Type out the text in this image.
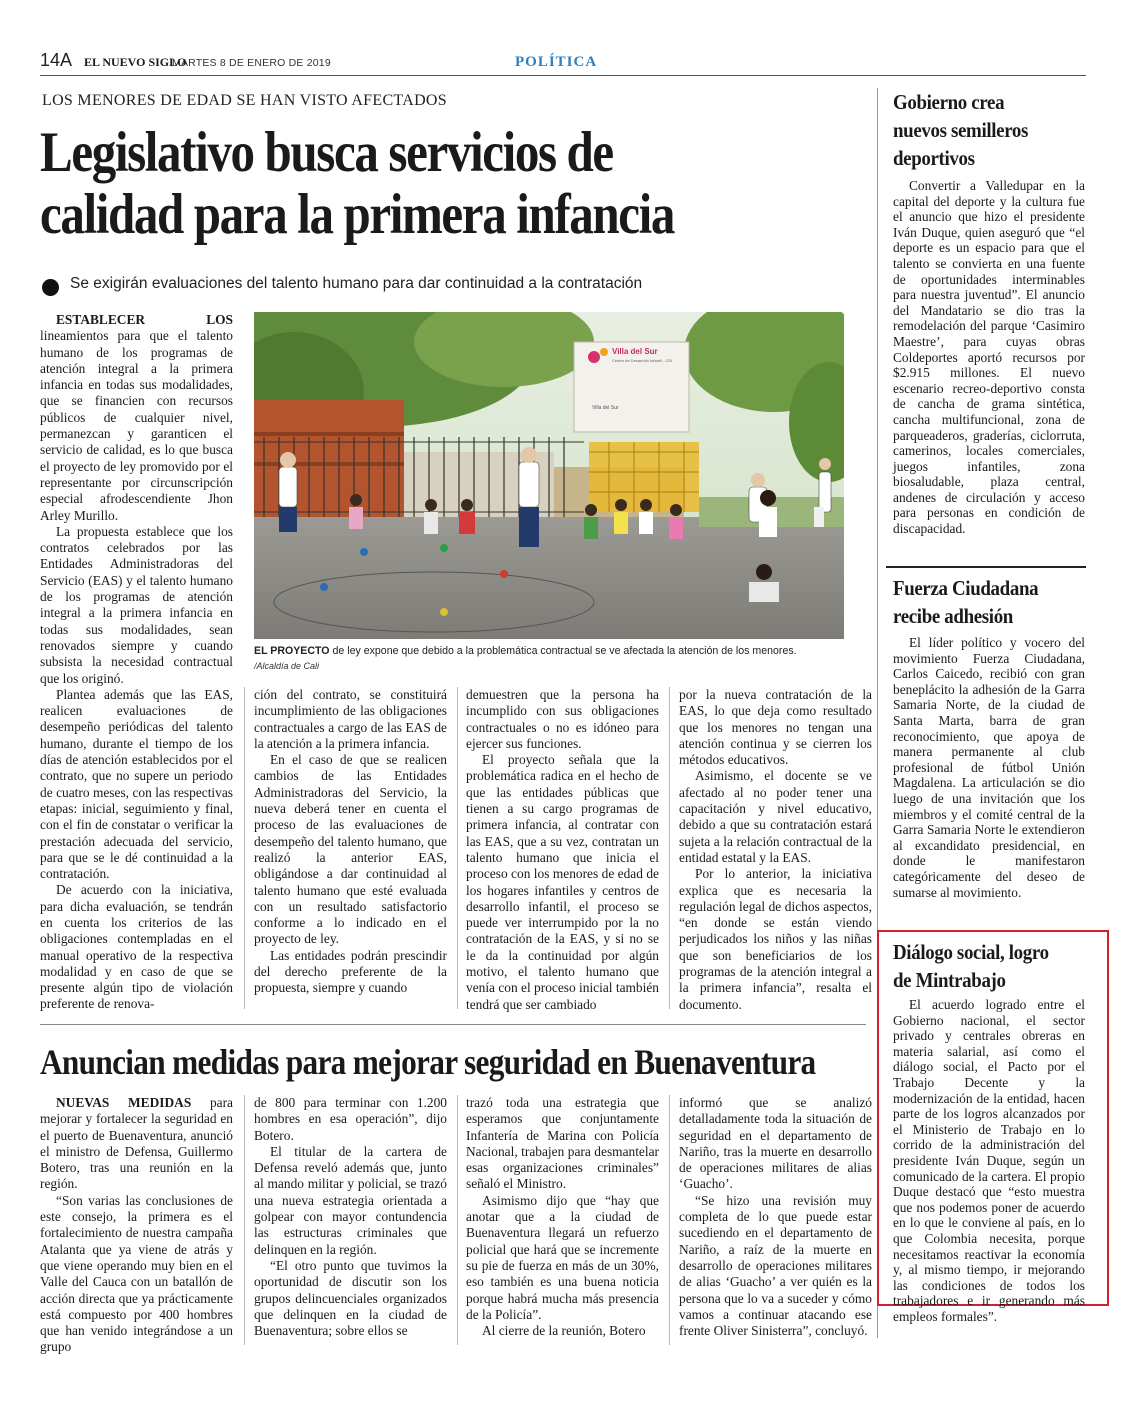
14A EL NUEVO SIGLO
MARTES 8 DE ENERO DE 2019	POLÍTICA
LOS MENORES DE EDAD SE HAN VISTO AFECTADOS
Legislativo busca servicios de
calidad para la primera infancia
Se exigirán evaluaciones del talento humano para dar continuidad a la contratación
Villa del Sur
Centro de Desarrollo Infantil - CDI
Villa del Sur
EL PROYECTO de ley expone que debido a la problemática contractual se ve afectada la atención de los menores.
/Alcaldía de Cali

ESTABLECER LOS lineamientos para que el talento humano de los programas de atención integral a la primera infancia en todas sus modalidades, que se financien con recursos públicos de cualquier nivel, permanezcan y garanticen el servicio de calidad, es lo que busca el proyecto de ley promovido por el representante por circunscripción especial afrodescendiente Jhon Arley Murillo.

La propuesta establece que los contratos celebrados por las Entidades Administradoras del Servicio (EAS) y el talento humano de los programas de atención integral a la primera infancia en todas sus modalidades, sean renovados siempre y cuando subsista la necesidad contractual que los originó.

Plantea además que las EAS, realicen evaluaciones de desempeño periódicas del talento humano, durante el tiempo de los días de atención establecidos por el contrato, que no supere un periodo de cuatro meses, con las respectivas etapas: inicial, seguimiento y final, con el fin de constatar o verificar la prestación adecuada del servicio, para que se le dé continuidad a la contratación.

De acuerdo con la iniciativa, para dicha evaluación, se tendrán en cuenta los criterios de las obligaciones contempladas en el manual operativo de la respectiva modalidad y en caso de que se presente algún tipo de violación preferente de renova-

ción del contrato, se constituirá incumplimiento de las obligaciones contractuales a cargo de las EAS de la atención a la primera infancia.

En el caso de que se realicen cambios de las Entidades Administradoras del Servicio, la nueva deberá tener en cuenta el proceso de las evaluaciones de desempeño del talento humano, que realizó la anterior EAS, obligándose a dar continuidad al talento humano que esté evaluada con un resultado satisfactorio conforme a lo indicado en el proyecto de ley.

Las entidades podrán prescindir del derecho preferente de la propuesta, siempre y cuando

demuestren que la persona ha incumplido con sus obligaciones contractuales o no es idóneo para ejercer sus funciones.

El proyecto señala que la problemática radica en el hecho de que las entidades públicas que tienen a su cargo programas de primera infancia, al contratar con las EAS, que a su vez, contratan un talento humano que inicia el proceso con los menores de edad de los hogares infantiles y centros de desarrollo infantil, el proceso se puede ver interrumpido por la no contratación de la EAS, y si no se le da la continuidad por algún motivo, el talento humano que venía con el proceso inicial también tendrá que ser cambiado

por la nueva contratación de la EAS, lo que deja como resultado que los menores no tengan una atención continua y se cierren los métodos educativos.

Asimismo, el docente se ve afectado al no poder tener una capacitación y nivel educativo, debido a que su contratación estará sujeta a la relación contractual de la entidad estatal y la EAS.

Por lo anterior, la iniciativa explica que es necesaria la regulación legal de dichos aspectos, “en donde se están viendo perjudicados los niños y las niñas que son beneficiarios de los programas de la atención integral a la primera infancia”, resalta el documento.

Anuncian medidas para mejorar seguridad en Buenaventura

NUEVAS MEDIDAS para mejorar y fortalecer la seguridad en el puerto de Buenaventura, anunció el ministro de Defensa, Guillermo Botero, tras una reunión en la región.

“Son varias las conclusiones de este consejo, la primera es el fortalecimiento de nuestra campaña Atalanta que ya viene de atrás y que viene operando muy bien en el Valle del Cauca con un batallón de acción directa que ya prácticamente está compuesto por 400 hombres que han venido integrándose a un grupo

de 800 para terminar con 1.200 hombres en esa operación”, dijo Botero.

El titular de la cartera de Defensa reveló además que, junto al mando militar y policial, se trazó una nueva estrategia orientada a golpear con mayor contundencia las estructuras criminales que delinquen en la región.

“El otro punto que tuvimos la oportunidad de discutir son los grupos delincuenciales organizados que delinquen en la ciudad de Buenaventura; sobre ellos se

trazó toda una estrategia que esperamos que conjuntamente Infantería de Marina con Policía Nacional, trabajen para desmantelar esas organizaciones criminales” señaló el Ministro.

Asimismo dijo que “hay que anotar que a la ciudad de Buenaventura llegará un refuerzo policial que hará que se incremente su pie de fuerza en más de un 30%, eso también es una buena noticia porque habrá mucha más presencia de la Policía”.

Al cierre de la reunión, Botero

informó que se analizó detalladamente toda la situación de seguridad en el departamento de Nariño, tras la muerte en desarrollo de operaciones militares de alias ‘Guacho’.

“Se hizo una revisión muy completa de lo que puede estar sucediendo en el departamento de Nariño, a raíz de la muerte en desarrollo de operaciones militares de alias ‘Guacho’ a ver quién es la persona que lo va a suceder y cómo vamos a continuar atacando ese frente Oliver Sinisterra”, concluyó.

Gobierno crea
nuevos semilleros
deportivos

Convertir a Valledupar en la capital del deporte y la cultura fue el anuncio que hizo el presidente Iván Duque, quien aseguró que “el deporte es un espacio para que el talento se convierta en una fuente de oportunidades interminables para nuestra juventud”. El anuncio del Mandatario se dio tras la remodelación del parque ‘Casimiro Maestre’, para cuyas obras Coldeportes aportó recursos por $2.915 millones. El nuevo escenario recreo-deportivo consta de cancha de grama sintética, cancha multifuncional, zona de parqueaderos, graderías, ciclorruta, camerinos, locales comerciales, juegos infantiles, zona biosaludable, plaza central, andenes de circulación y acceso para personas en condición de discapacidad.

Fuerza Ciudadana
recibe adhesión

El líder político y vocero del movimiento Fuerza Ciudadana, Carlos Caicedo, recibió con gran beneplácito la adhesión de la Garra Samaria Norte, de la ciudad de Santa Marta, barra de gran reconocimiento, que apoya de manera permanente al club profesional de fútbol Unión Magdalena. La articulación se dio luego de una invitación que los miembros y el comité central de la Garra Samaria Norte le extendieron al excandidato presidencial, en donde le manifestaron categóricamente del deseo de sumarse al movimiento.

Diálogo social, logro
de Mintrabajo

El acuerdo logrado entre el Gobierno nacional, el sector privado y centrales obreras en materia salarial, así como el diálogo social, el Pacto por el Trabajo Decente y la modernización de la entidad, hacen parte de los logros alcanzados por el Ministerio de Trabajo en lo corrido de la administración del presidente Iván Duque, según un comunicado de la cartera. El propio Duque destacó que “esto muestra que nos podemos poner de acuerdo en lo que le conviene al país, en lo que Colombia necesita, porque necesitamos reactivar la economía y, al mismo tiempo, ir mejorando las condiciones de todos los trabajadores e ir generando más empleos formales”.
